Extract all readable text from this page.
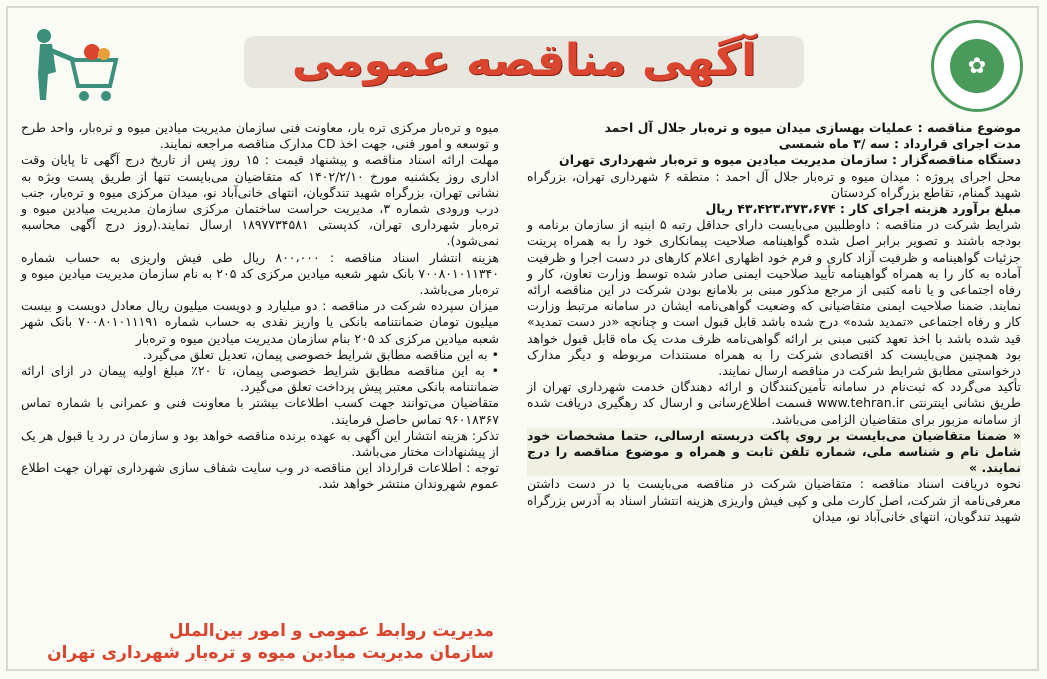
✿
آگهی مناقصه عمومی

موضوع مناقصه : عملیات بهسازی میدان میوه و تره‌بار جلال آل احمد

مدت اجرای قرارداد : سه /۳ ماه شمسی

دستگاه مناقصه‌گزار : سازمان مدیریت میادین میوه و تره‌بار شهرداری تهران

محل اجرای پروژه : میدان میوه و تره‌بار جلال آل احمد : منطقه ۶ شهرداری تهران، بزرگراه شهید گمنام، تقاطع بزرگراه کردستان

مبلغ برآورد هزینه اجرای کار : ۴۳،۴۲۳،۳۷۳،۶۷۴ ریال

شرایط شرکت در مناقصه : داوطلبین می‌بایست دارای حداقل رتبه ۵ ابنیه از سازمان برنامه و بودجه باشند و تصویر برابر اصل شده گواهینامه صلاحیت پیمانکاری خود را به همراه پرینت جزئیات گواهینامه و ظرفیت آزاد کاری و فرم خود اظهاری اعلام کارهای در دست اجرا و ظرفیت آماده به کار را به همراه گواهینامه تأیید صلاحیت ایمنی صادر شده توسط وزارت تعاون، کار و رفاه اجتماعی و یا نامه کتبی از مرجع مذکور مبنی بر بلامانع بودن شرکت در این مناقصه ارائه نمایند. ضمنا صلاحیت ایمنی متقاضیانی که وضعیت گواهی‌نامه ایشان در سامانه مرتبط وزارت کار و رفاه اجتماعی «تمدید شده» درج شده باشد قابل قبول است و چنانچه «در دست تمدید» قید شده باشد با اخذ تعهد کتبی مبنی بر ارائه گواهی‌نامه ظرف مدت یک ماه قابل قبول خواهد بود همچنین می‌بایست کد اقتصادی شرکت را به همراه مستندات مربوطه و دیگر مدارک درخواستی مطابق شرایط شرکت در مناقصه ارسال نمایند.

تأکید می‌گردد که ثبت‌نام در سامانه تأمین‌کنندگان و ارائه دهندگان خدمت شهرداری تهران از طریق نشانی اینترنتی www.tehran.ir قسمت اطلاع‌رسانی و ارسال کد رهگیری دریافت شده از سامانه مزبور برای متقاضیان الزامی می‌باشد.

« ضمنا متقاضیان می‌بایست بر روی پاکت دربسته ارسالی، حتما مشخصات خود شامل نام و شناسه ملی، شماره تلفن ثابت و همراه و موضوع مناقصه را درج نمایند. »

نحوه دریافت اسناد مناقصه : متقاضیان شرکت در مناقصه می‌بایست با در دست داشتن معرفی‌نامه از شرکت، اصل کارت ملی و کپی فیش واریزی هزینه انتشار اسناد به آدرس بزرگراه شهید تندگویان، انتهای خانی‌آباد نو، میدان

میوه و تره‌بار مرکزی تره بار، معاونت فنی سازمان مدیریت میادین میوه و تره‌بار، واحد طرح و توسعه و امور فنی، جهت اخذ CD مدارک مناقصه مراجعه نمایند.

مهلت ارائه اسناد مناقصه و پیشنهاد قیمت : ۱۵ روز پس از تاریخ درج آگهی تا پایان وقت اداری روز یکشنبه مورخ ۱۴۰۲/۲/۱۰ که متقاضیان می‌بایست تنها از طریق پست ویژه به نشانی تهران، بزرگراه شهید تندگویان، انتهای خانی‌آباد نو، میدان مرکزی میوه و تره‌بار، جنب درب ورودی شماره ۳، مدیریت حراست ساختمان مرکزی سازمان مدیریت میادین میوه و تره‌بار شهرداری تهران، کدپستی ۱۸۹۷۷۳۴۵۸۱ ارسال نمایند.(روز درج آگهی محاسبه نمی‌شود).

هزینه انتشار اسناد مناقصه : ۸۰۰،۰۰۰ ریال طی فیش واریزی به حساب شماره ۷۰۰۸۰۱۰۱۱۳۴۰ بانک شهر شعبه میادین مرکزی کد ۲۰۵ به نام سازمان مدیریت میادین میوه و تره‌بار می‌باشد.

میزان سپرده شرکت در مناقصه : دو میلیارد و دویست میلیون ریال معادل دویست و بیست میلیون تومان ضمانتنامه بانکی یا واریز نقدی به حساب شماره ۷۰۰۸۰۱۰۱۱۱۹۱ بانک شهر شعبه میادین مرکزی کد ۲۰۵ بنام سازمان مدیریت میادین میوه و تره‌بار

• به این مناقصه مطابق شرایط خصوصی پیمان، تعدیل تعلق می‌گیرد.

• به این مناقصه مطابق شرایط خصوصی پیمان، تا ۲۰٪ مبلغ اولیه پیمان در ازای ارائه ضمانتنامه بانکی معتبر پیش پرداخت تعلق می‌گیرد.

متقاضیان می‌توانند جهت کسب اطلاعات بیشتر با معاونت فنی و عمرانی با شماره تماس ۹۶۰۱۸۳۶۷ تماس حاصل فرمایند.

تذکر: هزینه انتشار این آگهی به عهده برنده مناقصه خواهد بود و سازمان در رد یا قبول هر یک از پیشنهادات مختار می‌باشد.

توجه : اطلاعات قرارداد این مناقصه در وب سایت شفاف سازی شهرداری تهران جهت اطلاع عموم شهروندان منتشر خواهد شد.

مدیریت روابط عمومی و امور بین‌الملل
سازمان مدیریت میادین میوه و تره‌بار شهرداری تهران
